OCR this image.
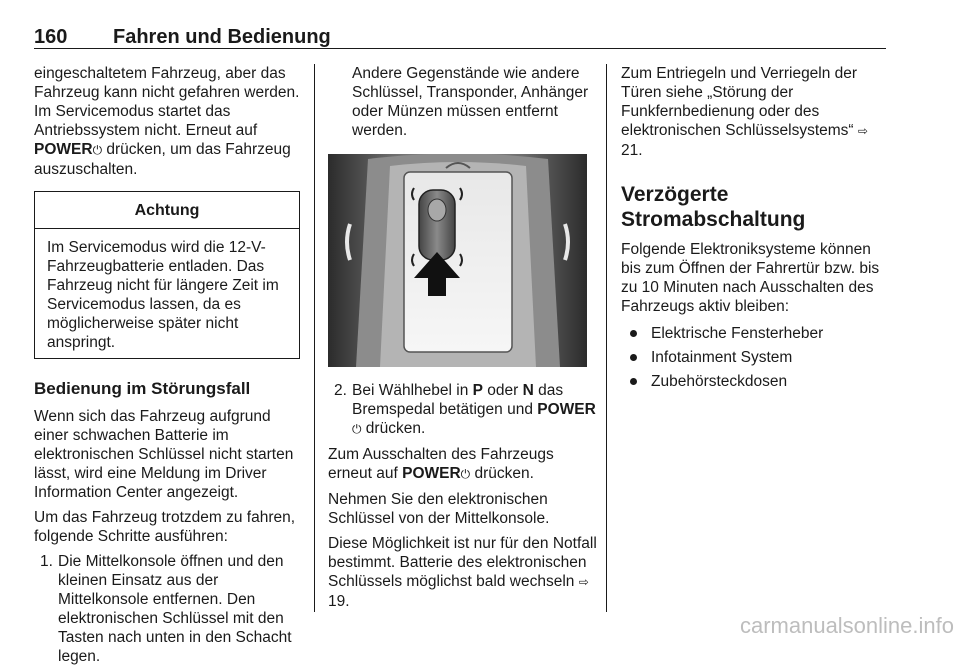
160 Fahren und Bedienung

eingeschaltetem Fahrzeug, aber das Fahrzeug kann nicht gefahren werden. Im Servicemodus startet das Antriebssystem nicht. Erneut auf POWER⏻ drücken, um das Fahrzeug auszuschalten.

Achtung
Im Servicemodus wird die 12-V-Fahrzeugbatterie entladen. Das Fahrzeug nicht für längere Zeit im Servicemodus lassen, da es möglicherweise später nicht anspringt.
Bedienung im Störungsfall

Wenn sich das Fahrzeug aufgrund einer schwachen Batterie im elektronischen Schlüssel nicht starten lässt, wird eine Meldung im Driver Information Center angezeigt.

Um das Fahrzeug trotzdem zu fahren, folgende Schritte ausführen:

1. Die Mittelkonsole öffnen und den kleinen Einsatz aus der Mittelkonsole entfernen. Den elektronischen Schlüssel mit den Tasten nach unten in den Schacht legen.

Andere Gegenstände wie andere Schlüssel, Transponder, Anhänger oder Münzen müssen entfernt werden.

2. Bei Wählhebel in P oder N das Bremspedal betätigen und POWER⏻ drücken.

Zum Ausschalten des Fahrzeugs erneut auf POWER⏻ drücken.

Nehmen Sie den elektronischen Schlüssel von der Mittelkonsole.

Diese Möglichkeit ist nur für den Notfall bestimmt. Batterie des elektronischen Schlüssels möglichst bald wechseln ⇨ 19.

Zum Entriegeln und Verriegeln der Türen siehe „Störung der Funkfernbedienung oder des elektronischen Schlüsselsystems“ ⇨ 21.

Verzögerte Stromabschaltung

Folgende Elektroniksysteme können bis zum Öffnen der Fahrertür bzw. bis zu 10 Minuten nach Ausschalten des Fahrzeugs aktiv bleiben:

Elektrische Fensterheber
Infotainment System
Zubehörsteckdosen
carmanualsonline.info
